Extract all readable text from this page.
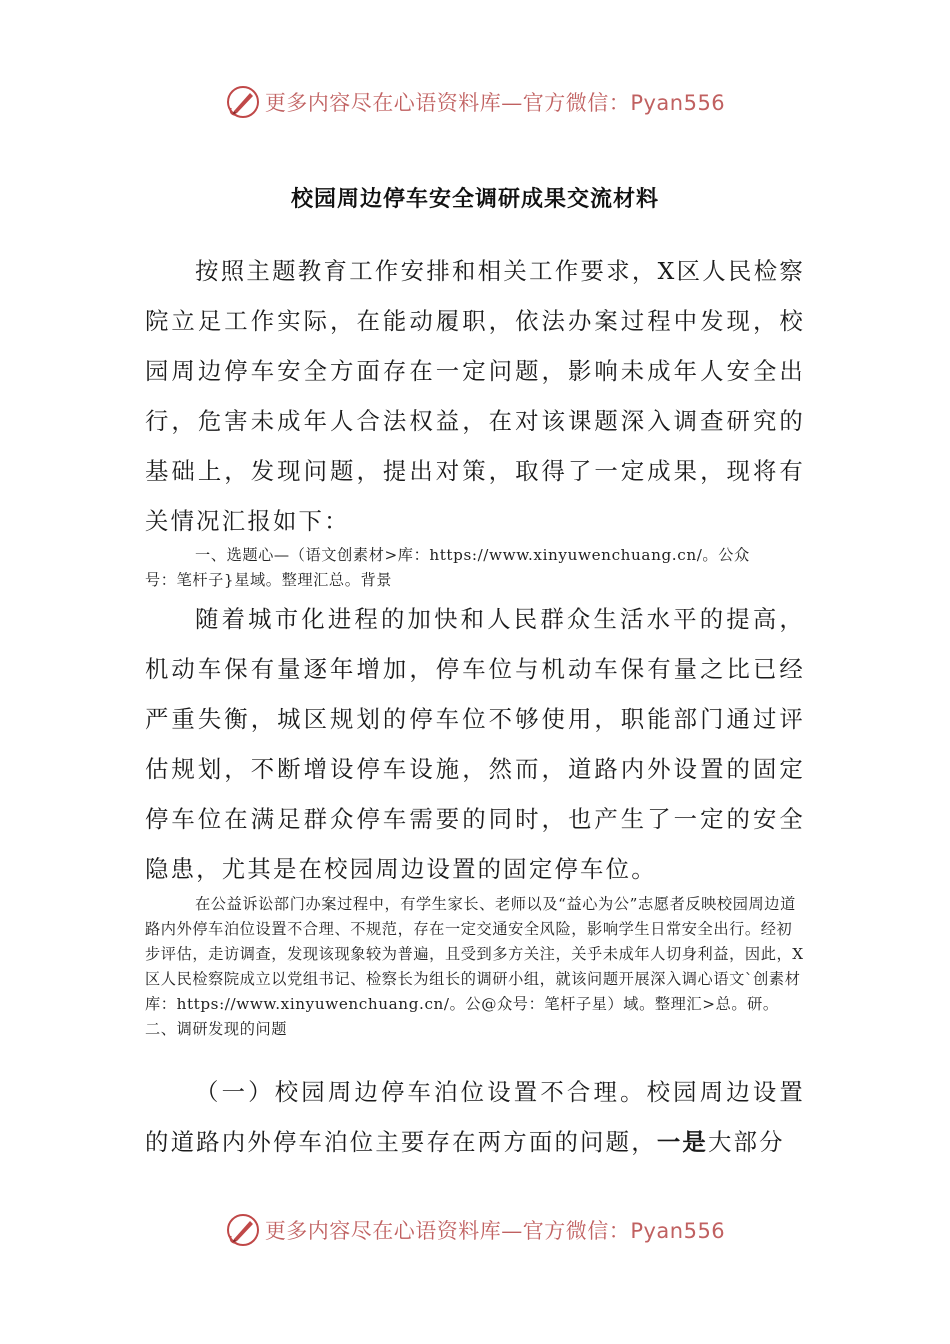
更多内容尽在心语资料库—官方微信：Pyan556
校园周边停车安全调研成果交流材料

按照主题教育工作安排和相关工作要求，X区人民检察院立足工作实际，在能动履职，依法办案过程中发现，校园周边停车安全方面存在一定问题，影响未成年人安全出行，危害未成年人合法权益，在对该课题深入调查研究的基础上，发现问题，提出对策，取得了一定成果，现将有关情况汇报如下：

一、选题心—（语文创素材>库：https://www.xinyuwenchuang.cn/。公众

号：笔杆子}星域。整理汇总。背景

随着城市化进程的加快和人民群众生活水平的提高，机动车保有量逐年增加，停车位与机动车保有量之比已经严重失衡，城区规划的停车位不够使用，职能部门通过评估规划，不断增设停车设施，然而，道路内外设置的固定停车位在满足群众停车需要的同时，也产生了一定的安全隐患，尤其是在校园周边设置的固定停车位。

在公益诉讼部门办案过程中，有学生家长、老师以及“益心为公”志愿者反映校园周边道路内外停车泊位设置不合理、不规范，存在一定交通安全风险，影响学生日常安全出行。经初步评估，走访调查，发现该现象较为普遍，且受到多方关注，关乎未成年人切身利益，因此，X区人民检察院成立以党组书记、检察长为组长的调研小组，就该问题开展深入调心语文`创素材库：https://www.xinyuwenchuang.cn/。公@众号：笔杆子星）域。整理汇>总。研。

二、调研发现的问题

（一）校园周边停车泊位设置不合理。校园周边设置的道路内外停车泊位主要存在两方面的问题，一是大部分

更多内容尽在心语资料库—官方微信：Pyan556
